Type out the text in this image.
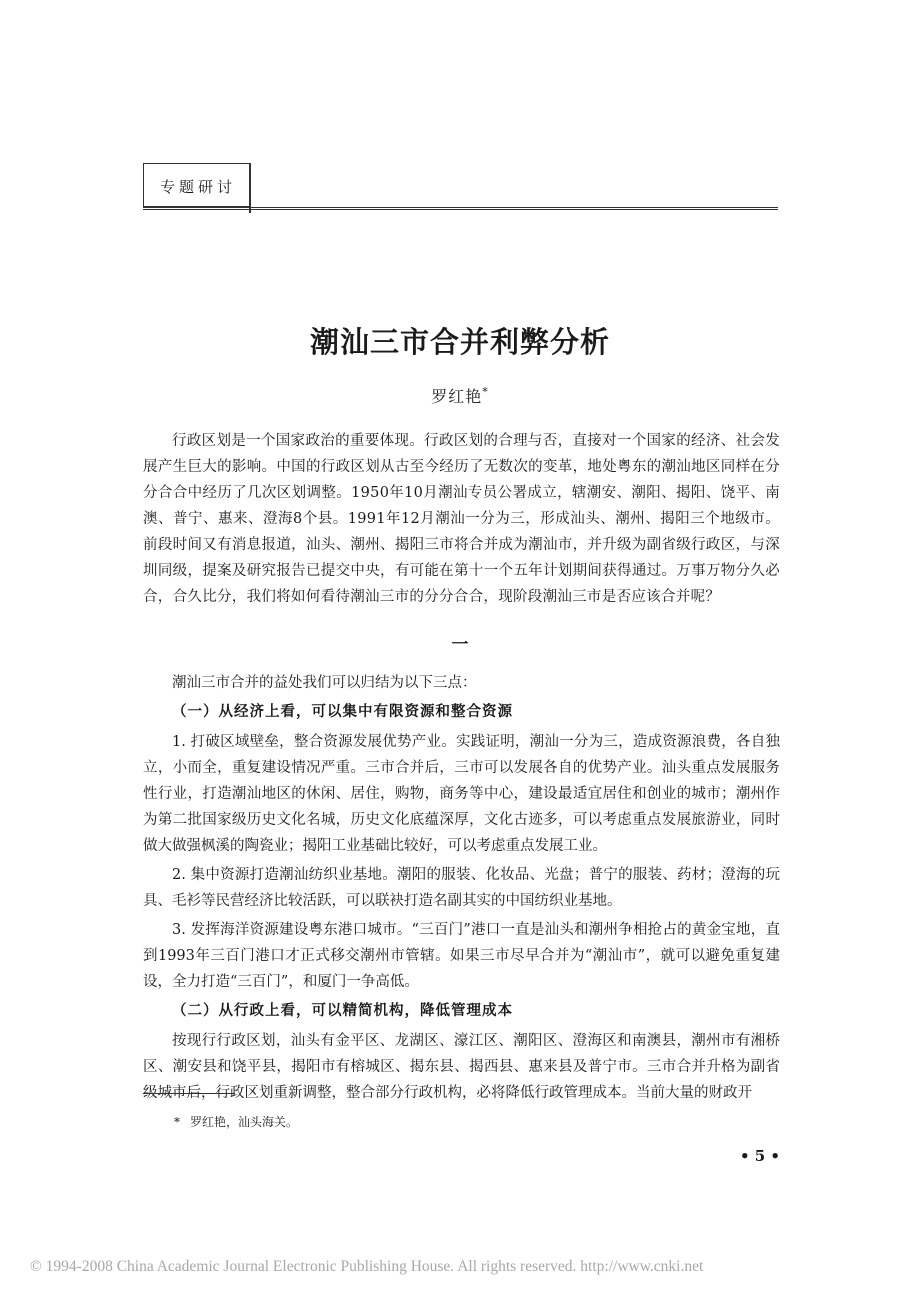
专题研讨
潮汕三市合并利弊分析
罗红艳*
行政区划是一个国家政治的重要体现。行政区划的合理与否，直接对一个国家的经济、社会发展产生巨大的影响。中国的行政区划从古至今经历了无数次的变革，地处粤东的潮汕地区同样在分分合合中经历了几次区划调整。1950年10月潮汕专员公署成立，辖潮安、潮阳、揭阳、饶平、南澳、普宁、惠来、澄海8个县。1991年12月潮汕一分为三，形成汕头、潮州、揭阳三个地级市。前段时间又有消息报道，汕头、潮州、揭阳三市将合并成为潮汕市，并升级为副省级行政区，与深圳同级，提案及研究报告已提交中央，有可能在第十一个五年计划期间获得通过。万事万物分久必合，合久比分，我们将如何看待潮汕三市的分分合合，现阶段潮汕三市是否应该合并呢？
一

潮汕三市合并的益处我们可以归结为以下三点：

（一）从经济上看，可以集中有限资源和整合资源

1. 打破区域壁垒，整合资源发展优势产业。实践证明，潮汕一分为三，造成资源浪费，各自独立，小而全，重复建设情况严重。三市合并后，三市可以发展各自的优势产业。汕头重点发展服务性行业，打造潮汕地区的休闲、居住，购物，商务等中心，建设最适宜居住和创业的城市；潮州作为第二批国家级历史文化名城，历史文化底蕴深厚，文化古迹多，可以考虑重点发展旅游业，同时做大做强枫溪的陶瓷业；揭阳工业基础比较好，可以考虑重点发展工业。

2. 集中资源打造潮汕纺织业基地。潮阳的服装、化妆品、光盘；普宁的服装、药材；澄海的玩具、毛衫等民营经济比较活跃，可以联袂打造名副其实的中国纺织业基地。

3. 发挥海洋资源建设粤东港口城市。“三百门”港口一直是汕头和潮州争相抢占的黄金宝地，直到1993年三百门港口才正式移交潮州市管辖。如果三市尽早合并为“潮汕市”，就可以避免重复建设，全力打造“三百门”，和厦门一争高低。

（二）从行政上看，可以精简机构，降低管理成本

按现行行政区划，汕头有金平区、龙湖区、濠江区、潮阳区、澄海区和南澳县，潮州市有湘桥区、潮安县和饶平县，揭阳市有榕城区、揭东县、揭西县、惠来县及普宁市。三市合并升格为副省级城市后，行政区划重新调整，整合部分行政机构，必将降低行政管理成本。当前大量的财政开

* 罗红艳，汕头海关。
• 5 •
© 1994-2008 China Academic Journal Electronic Publishing House. All rights reserved. http://www.cnki.net
